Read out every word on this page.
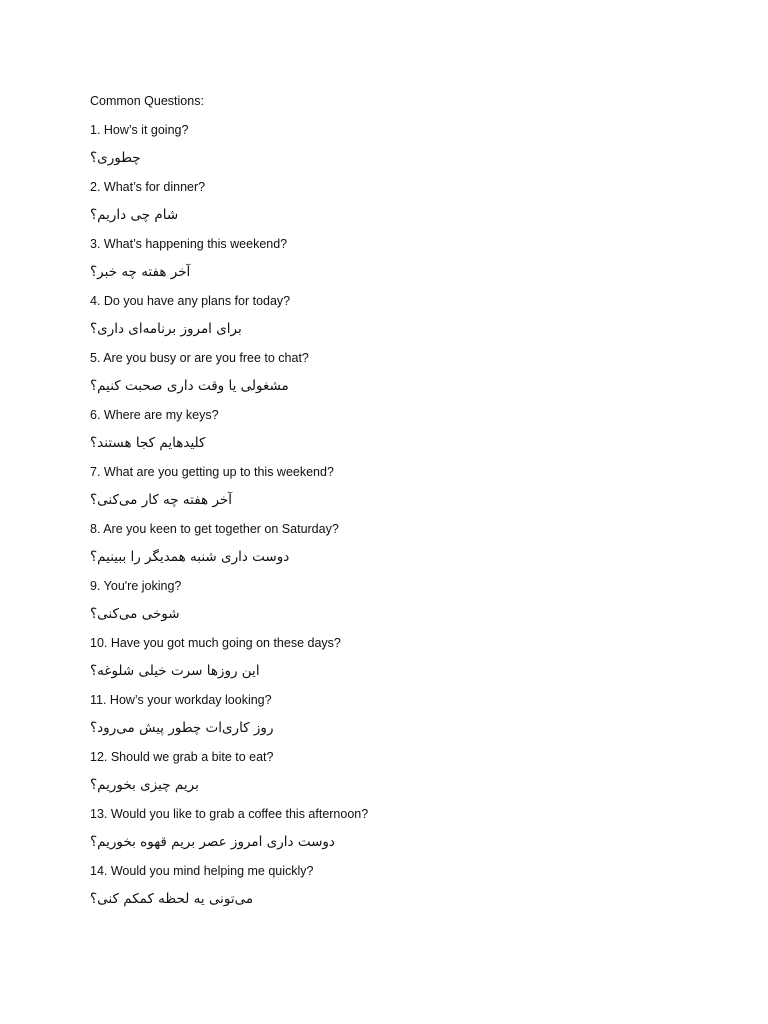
Common Questions:
1. How’s it going?
چطوری؟
2. What’s for dinner?
شام چی داریم؟
3. What’s happening this weekend?
آخر هفته چه خبر؟
4. Do you have any plans for today?
برای امروز برنامه‌ای داری؟
5. Are you busy or are you free to chat?
مشغولی یا وقت داری صحبت کنیم؟
6. Where are my keys?
کلیدهایم کجا هستند؟
7. What are you getting up to this weekend?
آخر هفته چه کار می‌کنی؟
8. Are you keen to get together on Saturday?
دوست داری شنبه همدیگر را ببینیم؟
9. You're joking?
شوخی می‌کنی؟
10. Have you got much going on these days?
این روزها سرت خیلی شلوغه؟
11. How’s your workday looking?
روز کاری‌ات چطور پیش می‌رود؟
12. Should we grab a bite to eat?
بریم چیزی بخوریم؟
13. Would you like to grab a coffee this afternoon?
دوست داری امروز عصر بریم قهوه بخوریم؟
14. Would you mind helping me quickly?
می‌تونی یه لحظه کمکم کنی؟
